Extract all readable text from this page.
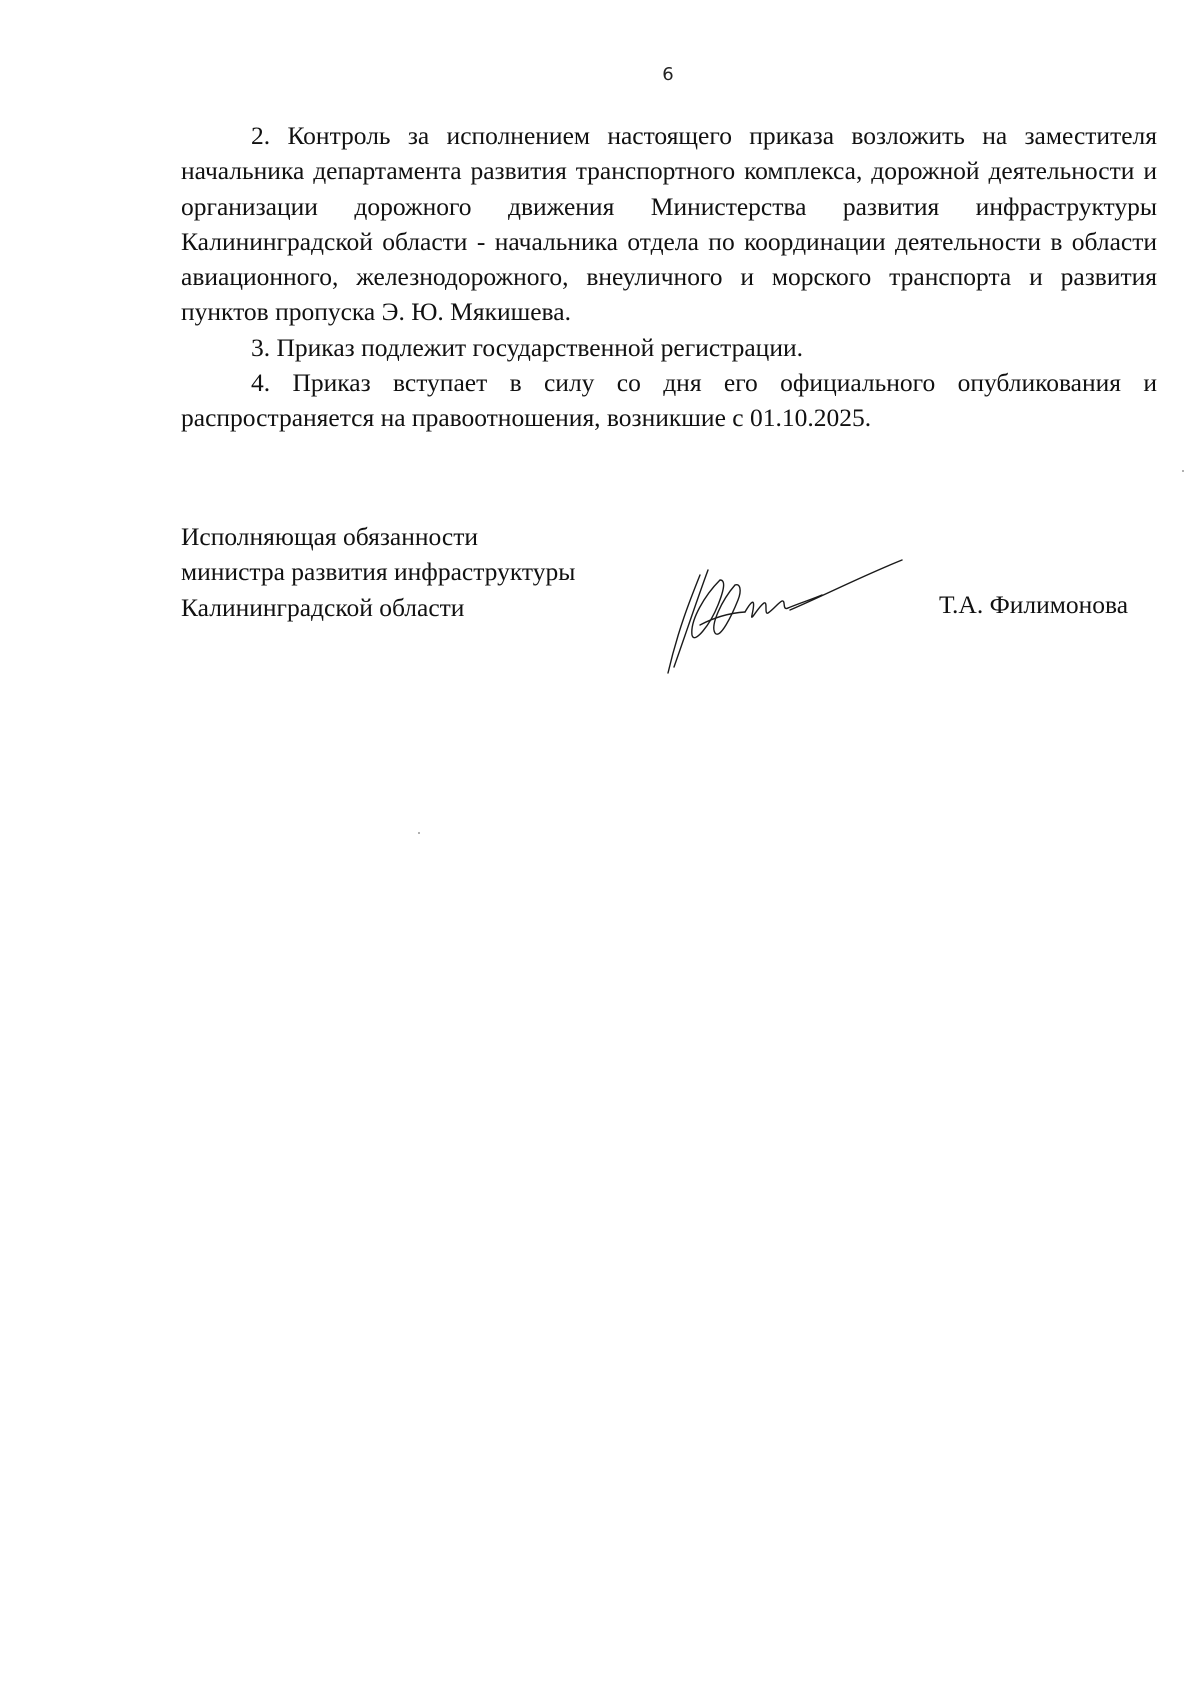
6

2. Контроль за исполнением настоящего приказа возложить на заместителя начальника департамента развития транспортного комплекса, дорожной деятельности и организации дорожного движения Министерства развития инфраструктуры Калининградской области - начальника отдела по координации деятельности в области авиационного, железнодорожного, внеуличного и морского транспорта и развития пунктов пропуска Э. Ю. Мякишева.

3. Приказ подлежит государственной регистрации.

4. Приказ вступает в силу со дня его официального опубликования и распространяется на правоотношения, возникшие с 01.10.2025.

Исполняющая обязанности
министра развития инфраструктуры
Калининградской области	Т.А. Филимонова
